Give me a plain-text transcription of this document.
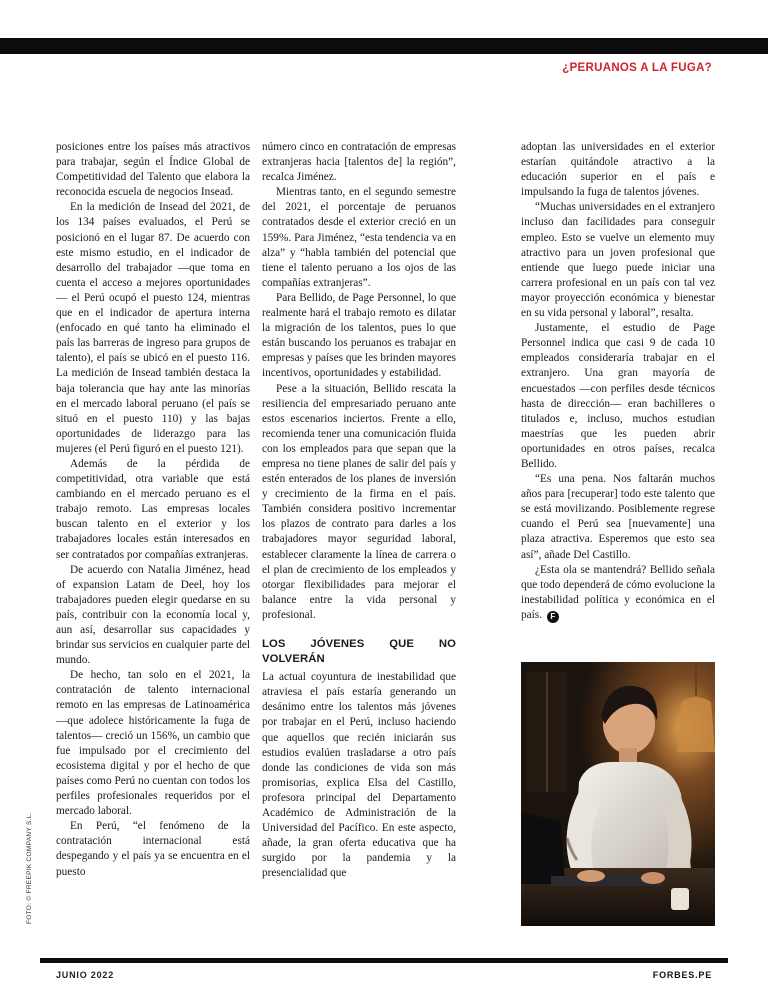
¿PERUANOS A LA FUGA?
FOTO: © FREEPIK COMPANY S.L.

posiciones entre los países más atractivos para trabajar, según el Índice Global de Competitividad del Talento que elabora la reconocida escuela de negocios Insead.

En la medición de Insead del 2021, de los 134 países evaluados, el Perú se posicionó en el lugar 87. De acuerdo con este mismo estudio, en el indicador de desarrollo del trabajador —que toma en cuenta el acceso a mejores oportunidades— el Perú ocupó el puesto 124, mientras que en el indicador de apertura interna (enfocado en qué tanto ha eliminado el país las barreras de ingreso para grupos de talento), el país se ubicó en el puesto 116. La medición de Insead también destaca la baja tolerancia que hay ante las minorías en el mercado laboral peruano (el país se situó en el puesto 110) y las bajas oportunidades de liderazgo para las mujeres (el Perú figuró en el puesto 121).

Además de la pérdida de competitividad, otra variable que está cambiando en el mercado peruano es el trabajo remoto. Las empresas locales buscan talento en el exterior y los trabajadores locales están interesados en ser contratados por compañías extranjeras.

De acuerdo con Natalia Jiménez, head of expansion Latam de Deel, hoy los trabajadores pueden elegir quedarse en su país, contribuir con la economía local y, aun así, desarrollar sus capacidades y brindar sus servicios en cualquier parte del mundo.

De hecho, tan solo en el 2021, la contratación de talento internacional remoto en las empresas de Latinoamérica —que adolece históricamente la fuga de talentos— creció un 156%, un cambio que fue impulsado por el crecimiento del ecosistema digital y por el hecho de que países como Perú no cuentan con todos los perfiles profesionales requeridos por el mercado laboral.

En Perú, “el fenómeno de la contratación internacional está despegando y el país ya se encuentra en el puesto

número cinco en contratación de empresas extranjeras hacia [talentos de] la región”, recalca Jiménez.

Mientras tanto, en el segundo semestre del 2021, el porcentaje de peruanos contratados desde el exterior creció en un 159%. Para Jiménez, “esta tendencia va en alza” y “habla también del potencial que tiene el talento peruano a los ojos de las compañías extranjeras”.

Para Bellido, de Page Personnel, lo que realmente hará el trabajo remoto es dilatar la migración de los talentos, pues lo que están buscando los peruanos es trabajar en empresas y países que les brinden mayores incentivos, oportunidades y estabilidad.

Pese a la situación, Bellido rescata la resiliencia del empresariado peruano ante estos escenarios inciertos. Frente a ello, recomienda tener una comunicación fluida con los empleados para que sepan que la empresa no tiene planes de salir del país y estén enterados de los planes de inversión y crecimiento de la firma en el país. También considera positivo incrementar los plazos de contrato para darles a los trabajadores mayor seguridad laboral, establecer claramente la línea de carrera o el plan de crecimiento de los empleados y otorgar flexibilidades para mejorar el balance entre la vida personal y profesional.

LOS JÓVENES QUE NO VOLVERÁN

La actual coyuntura de inestabilidad que atraviesa el país estaría generando un desánimo entre los talentos más jóvenes por trabajar en el Perú, incluso haciendo que aquellos que recién iniciarán sus estudios evalúen trasladarse a otro país donde las condiciones de vida son más promisorias, explica Elsa del Castillo, profesora principal del Departamento Académico de Administración de la Universidad del Pacífico. En este aspecto, añade, la gran oferta educativa que ha surgido por la pandemia y la presencialidad que

adoptan las universidades en el exterior estarían quitándole atractivo a la educación superior en el país e impulsando la fuga de talentos jóvenes.

“Muchas universidades en el extranjero incluso dan facilidades para conseguir empleo. Esto se vuelve un elemento muy atractivo para un joven profesional que entiende que luego puede iniciar una carrera profesional en un país con tal vez mayor proyección económica y bienestar en su vida personal y laboral”, resalta.

Justamente, el estudio de Page Personnel indica que casi 9 de cada 10 empleados consideraría trabajar en el extranjero. Una gran mayoría de encuestados —con perfiles desde técnicos hasta de dirección— eran bachilleres o titulados e, incluso, muchos estudian maestrías que les pueden abrir oportunidades en otros países, recalca Bellido.

“Es una pena. Nos faltarán muchos años para [recuperar] todo este talento que se está movilizando. Posiblemente regrese cuando el Perú sea [nuevamente] una plaza atractiva. Esperemos que esto sea así”, añade Del Castillo.

¿Esta ola se mantendrá? Bellido señala que todo dependerá de cómo evolucione la inestabilidad política y económica en el país. F

JUNIO 2022	FORBES.PE
